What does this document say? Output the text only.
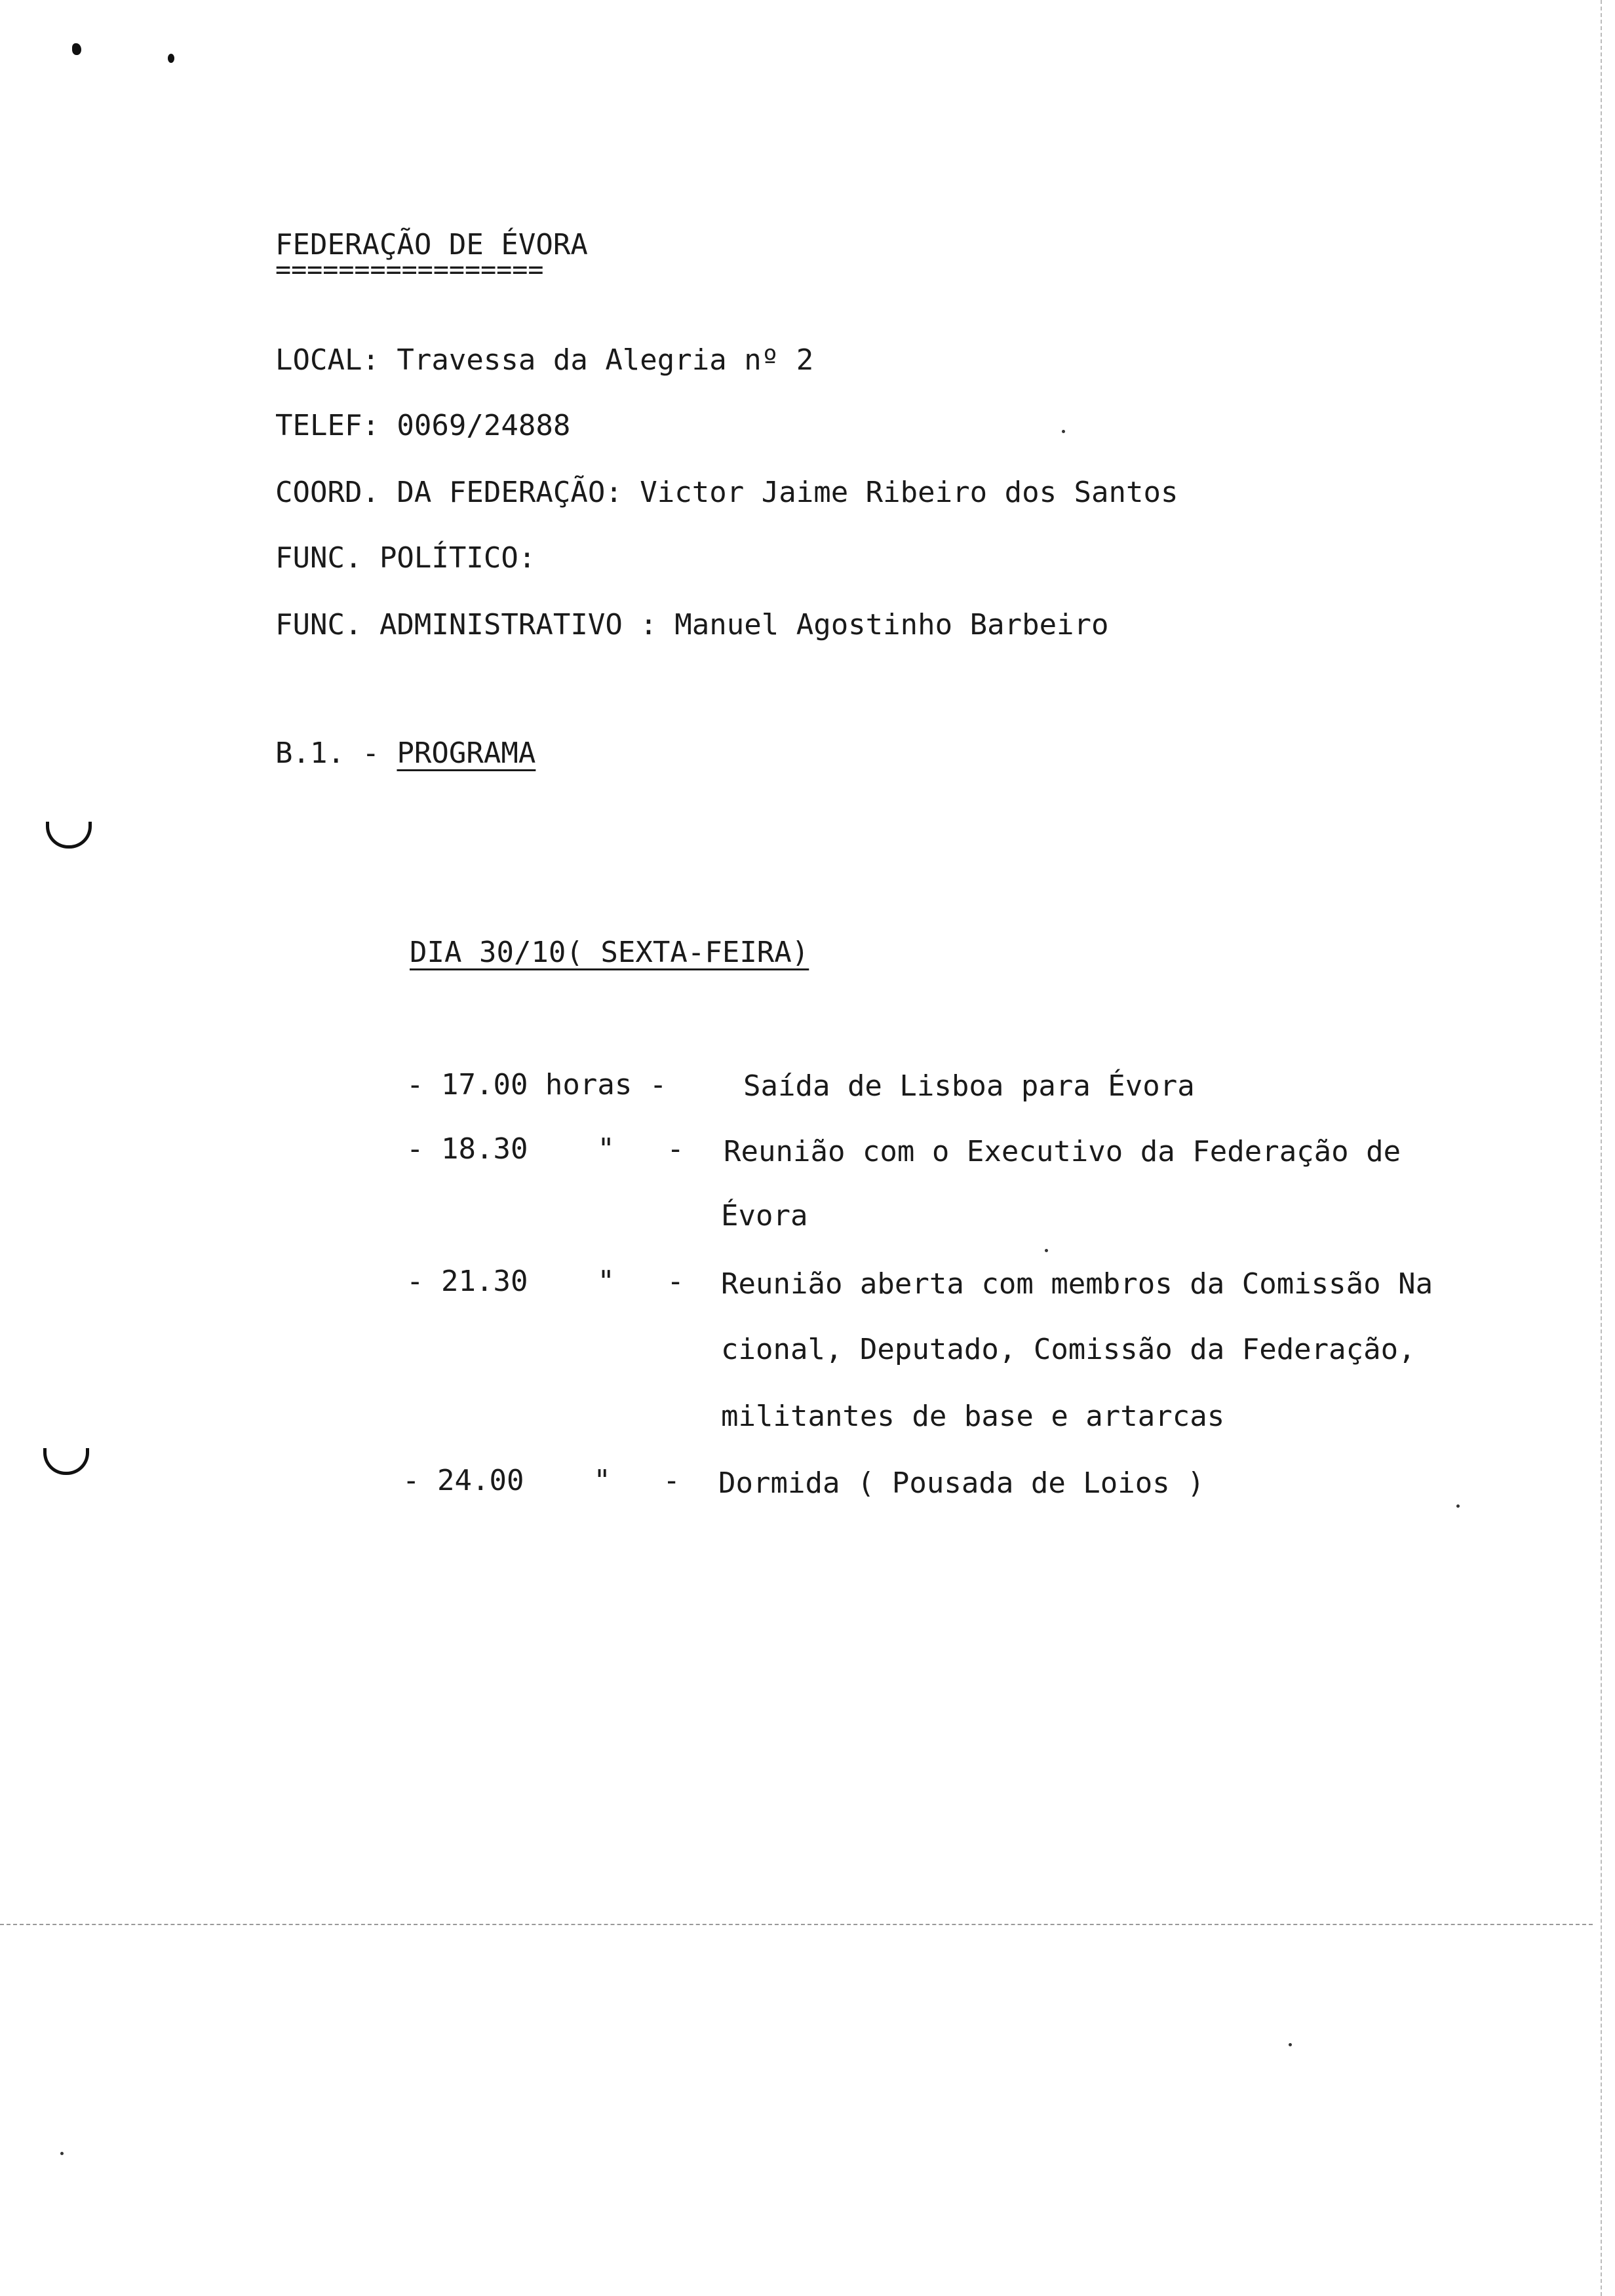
FEDERAÇÃO DE ÉVORA
=================
LOCAL: Travessa da Alegria nº 2
TELEF: 0069/24888
COORD. DA FEDERAÇÃO: Victor Jaime Ribeiro dos Santos
FUNC. POLÍTICO:
FUNC. ADMINISTRATIVO : Manuel Agostinho Barbeiro
B.1. - PROGRAMA
DIA 30/10( SEXTA-FEIRA)
- 17.00 horas -	Saída de Lisboa para Évora
- 18.30    "   - Reunião com o Executivo da Federação de
Évora
- 21.30    "   - Reunião aberta com membros da Comissão Na
cional, Deputado, Comissão da Federação,
militantes de base e artarcas
- 24.00    "   - Dormida ( Pousada de Loios )
